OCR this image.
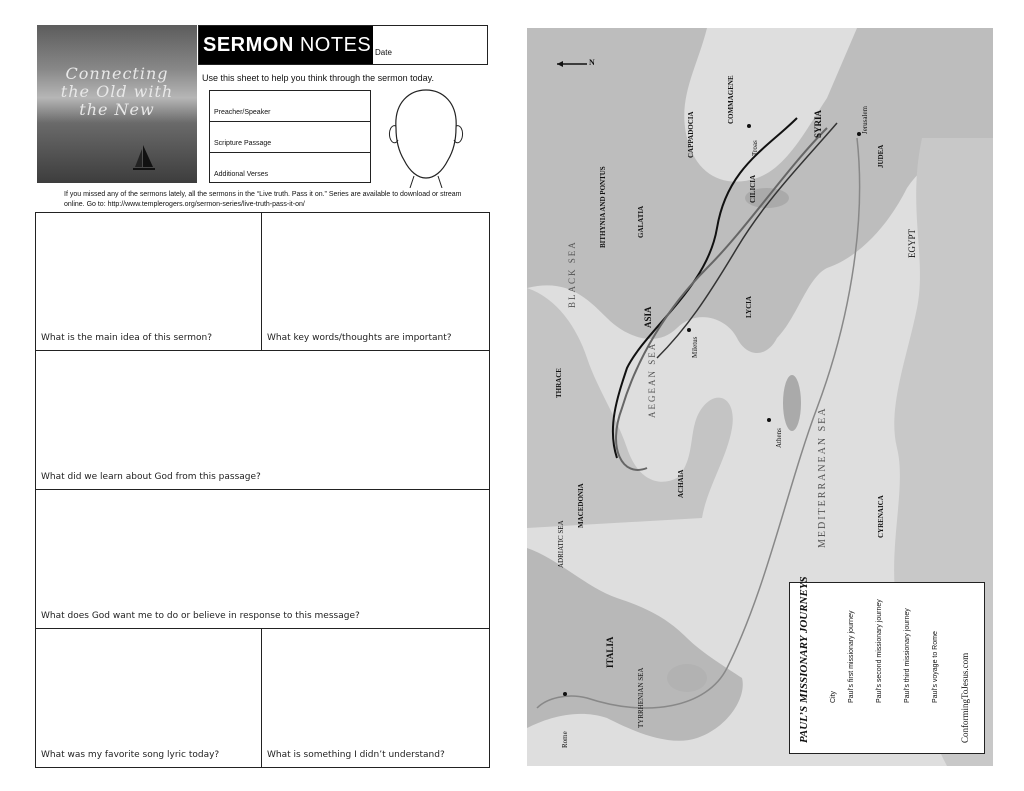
Connecting the Old with the New
SERMON NOTES Date
Use this sheet to help you think through the sermon today.
Preacher/Speaker
Scripture Passage
Additional Verses
If you missed any of the sermons lately, all the sermons in the “Live truth. Pass it on.” Series are available to download or stream online. Go to: http://www.templerogers.org/sermon-series/live-truth-pass-it-on/
What is the main idea of this sermon?	What key words/thoughts are important?
What did we learn about God from this passage?
What does God want me to do or believe in response to this message?
What was my favorite song lyric today?	What is something I didn’t understand?
N
BLACK SEA
AEGEAN SEA
MEDITERRANEAN SEA
ADRIATIC SEA
TYRRHENIAN SEA
SYRIA
JUDEA
EGYPT
CYRENAICA
THRACE
MACEDONIA
ITALIA
ASIA
GALATIA
CAPPADOCIA
CILICIA
COMMAGENE
BITHYNIA AND PONTUS
LYCIA
ACHAIA
Rome
Troas
Jerusalem
Athens
Miletus
PAUL’S MISSIONARY JOURNEYS	City Paul’s first missionary journey	Paul’s second missionary journey	Paul’s third missionary journey	Paul’s voyage to Rome ConformingToJesus.com
